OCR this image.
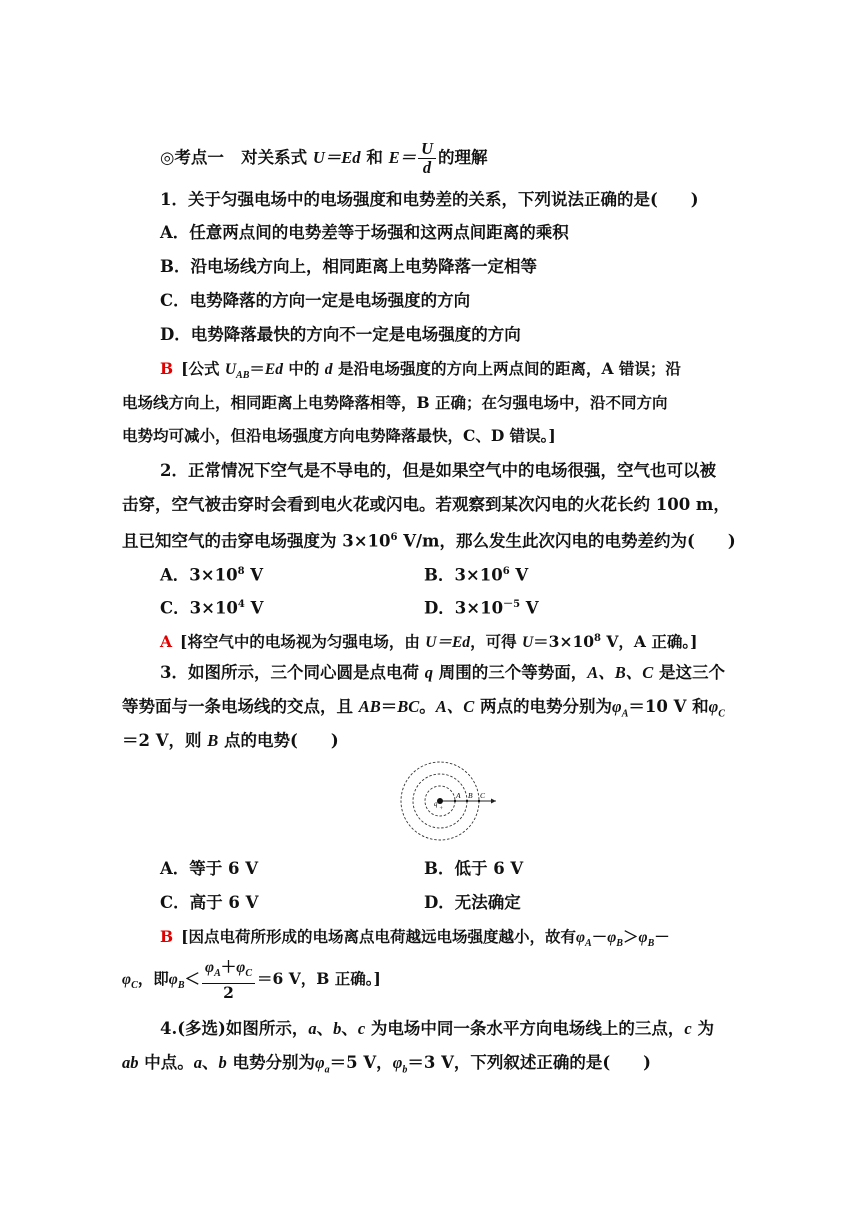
◎考点一 对关系式 U＝Ed 和 $E= \frac{U}{d}$ 的理解
1．关于匀强电场中的电场强度和电势差的关系，下列说法正确的是(　　)
A．任意两点间的电势差等于场强和这两点间距离的乘积
B．沿电场线方向上，相同距离上电势降落一定相等
C．电势降落的方向一定是电场强度的方向
D．电势降落最快的方向不一定是电场强度的方向
B [公式 $U_{AB}=Ed$ 中的 d 是沿电场强度的方向上两点间的距离，A 错误；沿
电场线方向上，相同距离上电势降落相等，B 正确；在匀强电场中，沿不同方向
电势均可减小，但沿电场强度方向电势降落最快，C、D 错误。]
2．正常情况下空气是不导电的，但是如果空气中的电场很强，空气也可以被
击穿，空气被击穿时会看到电火花或闪电。若观察到某次闪电的火花长约 100 m，
且已知空气的击穿电场强度为 $3\times 10^6$ V/m，那么发生此次闪电的电势差约为(　　)
A．$3\times 10^8$ V	B．$3\times 10^6$ V
C．$3\times 10^4$ V	D．$3\times 10^{-5}$ V
A [将空气中的电场视为匀强电场，由 U＝Ed，可得 $U=3\times 10^8$ V，A 正确。]
3．如图所示，三个同心圆是点电荷 q 周围的三个等势面，A、B、C 是这三个
等势面与一条电场线的交点，且 AB＝BC。A、C 两点的电势分别为$\varphi_A=10$ V 和$\varphi_C$
＝2 V，则 B 点的电势(　　)
q
+
A B C
A．等于 6 V	B．低于 6 V
C．高于 6 V	D．无法确定
B [因点电荷所形成的电场离点电荷越远电场强度越小，故有$\varphi_A-\varphi_B>\varphi_B-$
$\varphi_C$，即$\varphi_B< \frac{\varphi_A+\varphi_C}{2} =6$ V，B 正确。]
4.(多选)如图所示，a、b、c 为电场中同一条水平方向电场线上的三点，c 为
ab 中点。a、b 电势分别为$\varphi_a=5$ V，$\varphi_b=3$ V，下列叙述正确的是(　　)
